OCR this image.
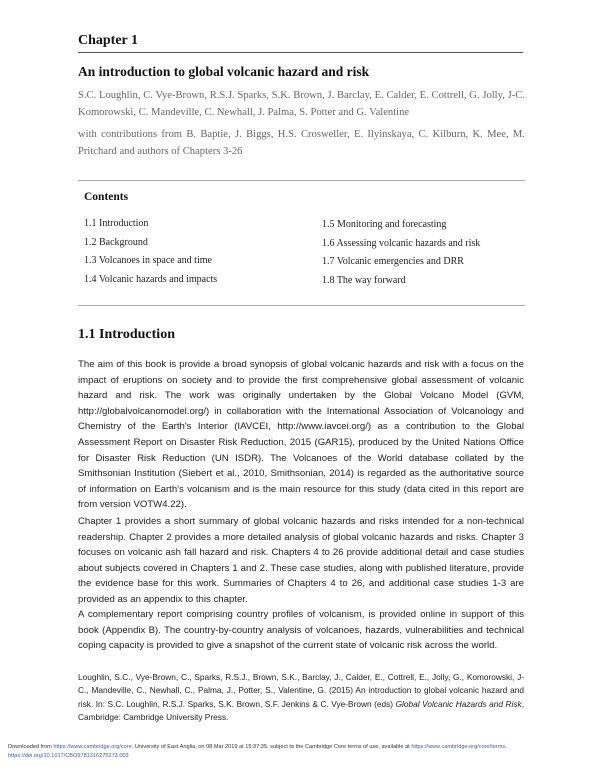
Chapter 1
An introduction to global volcanic hazard and risk
S.C. Loughlin, C. Vye-Brown, R.S.J. Sparks, S.K. Brown, J. Barclay, E. Calder, E. Cottrell, G. Jolly, J-C. Komorowski, C. Mandeville, C. Newhall, J. Palma, S. Potter and G. Valentine
with contributions from B. Baptie, J. Biggs, H.S. Crosweller, E. Ilyinskaya, C. Kilburn, K. Mee, M. Pritchard and authors of Chapters 3-26
Contents
1.1 Introduction
1.2 Background
1.3 Volcanoes in space and time
1.4 Volcanic hazards and impacts
1.5 Monitoring and forecasting
1.6 Assessing volcanic hazards and risk
1.7 Volcanic emergencies and DRR
1.8 The way forward
1.1 Introduction
The aim of this book is provide a broad synopsis of global volcanic hazards and risk with a focus on the impact of eruptions on society and to provide the first comprehensive global assessment of volcanic hazard and risk. The work was originally undertaken by the Global Volcano Model (GVM, http://globalvolcanomodel.org/) in collaboration with the International Association of Volcanology and Chemistry of the Earth's Interior (IAVCEI, http://www.iavcei.org/) as a contribution to the Global Assessment Report on Disaster Risk Reduction, 2015 (GAR15), produced by the United Nations Office for Disaster Risk Reduction (UN ISDR). The Volcanoes of the World database collated by the Smithsonian Institution (Siebert et al., 2010, Smithsonian, 2014) is regarded as the authoritative source of information on Earth's volcanism and is the main resource for this study (data cited in this report are from version VOTW4.22).
Chapter 1 provides a short summary of global volcanic hazards and risks intended for a non-technical readership. Chapter 2 provides a more detailed analysis of global volcanic hazards and risks. Chapter 3 focuses on volcanic ash fall hazard and risk. Chapters 4 to 26 provide additional detail and case studies about subjects covered in Chapters 1 and 2. These case studies, along with published literature, provide the evidence base for this work. Summaries of Chapters 4 to 26, and additional case studies 1-3 are provided as an appendix to this chapter.
A complementary report comprising country profiles of volcanism, is provided online in support of this book (Appendix B). The country-by-country analysis of volcanoes, hazards, vulnerabilities and technical coping capacity is provided to give a snapshot of the current state of volcanic risk across the world.
Loughlin, S.C., Vye-Brown, C., Sparks, R.S.J., Brown, S.K., Barclay, J., Calder, E., Cottrell, E., Jolly, G., Komorowski, J-C., Mandeville, C., Newhall, C., Palma, J., Potter, S., Valentine, G. (2015) An introduction to global volcanic hazard and risk. In: S.C. Loughlin, R.S.J. Sparks, S.K. Brown, S.F. Jenkins & C. Vye-Brown (eds) Global Volcanic Hazards and Risk, Cambridge: Cambridge University Press.
Downloaded from https://www.cambridge.org/core. University of East Anglia, on 08 Mar 2019 at 15:37:35, subject to the Cambridge Core terms of use, available at https://www.cambridge.org/core/terms.
https://doi.org/10.1017/CBO9781316276273.003
